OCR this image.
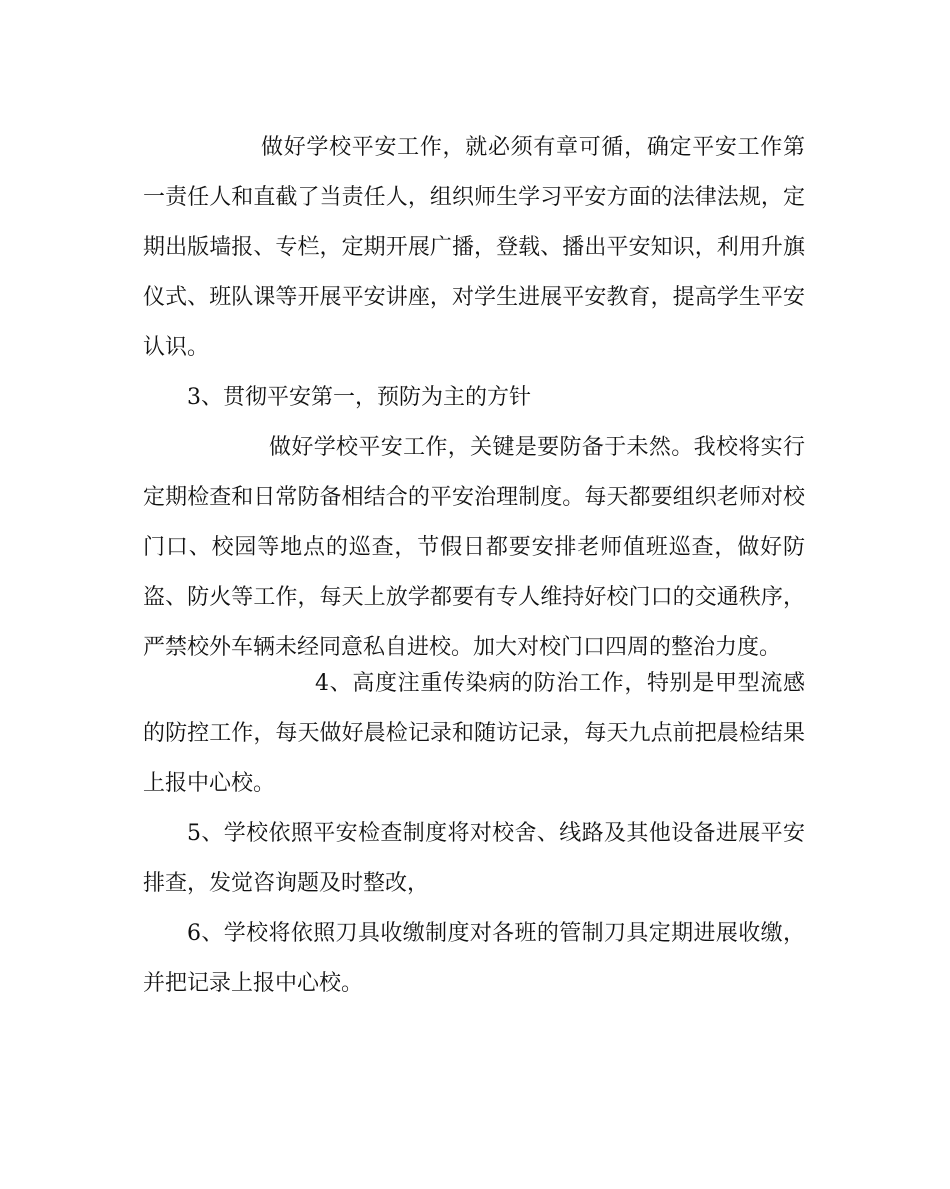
做好学校平安工作，就必须有章可循，确定平安工作第一责任人和直截了当责任人，组织师生学习平安方面的法律法规，定期出版墙报、专栏，定期开展广播，登载、播出平安知识，利用升旗仪式、班队课等开展平安讲座，对学生进展平安教育，提高学生平安认识。

3、贯彻平安第一，预防为主的方针

做好学校平安工作，关键是要防备于未然。我校将实行定期检查和日常防备相结合的平安治理制度。每天都要组织老师对校门口、校园等地点的巡查，节假日都要安排老师值班巡查，做好防盗、防火等工作，每天上放学都要有专人维持好校门口的交通秩序，严禁校外车辆未经同意私自进校。加大对校门口四周的整治力度。

4、高度注重传染病的防治工作，特别是甲型流感的防控工作，每天做好晨检记录和随访记录，每天九点前把晨检结果上报中心校。

5、学校依照平安检查制度将对校舍、线路及其他设备进展平安排查，发觉咨询题及时整改，

6、学校将依照刀具收缴制度对各班的管制刀具定期进展收缴，并把记录上报中心校。
